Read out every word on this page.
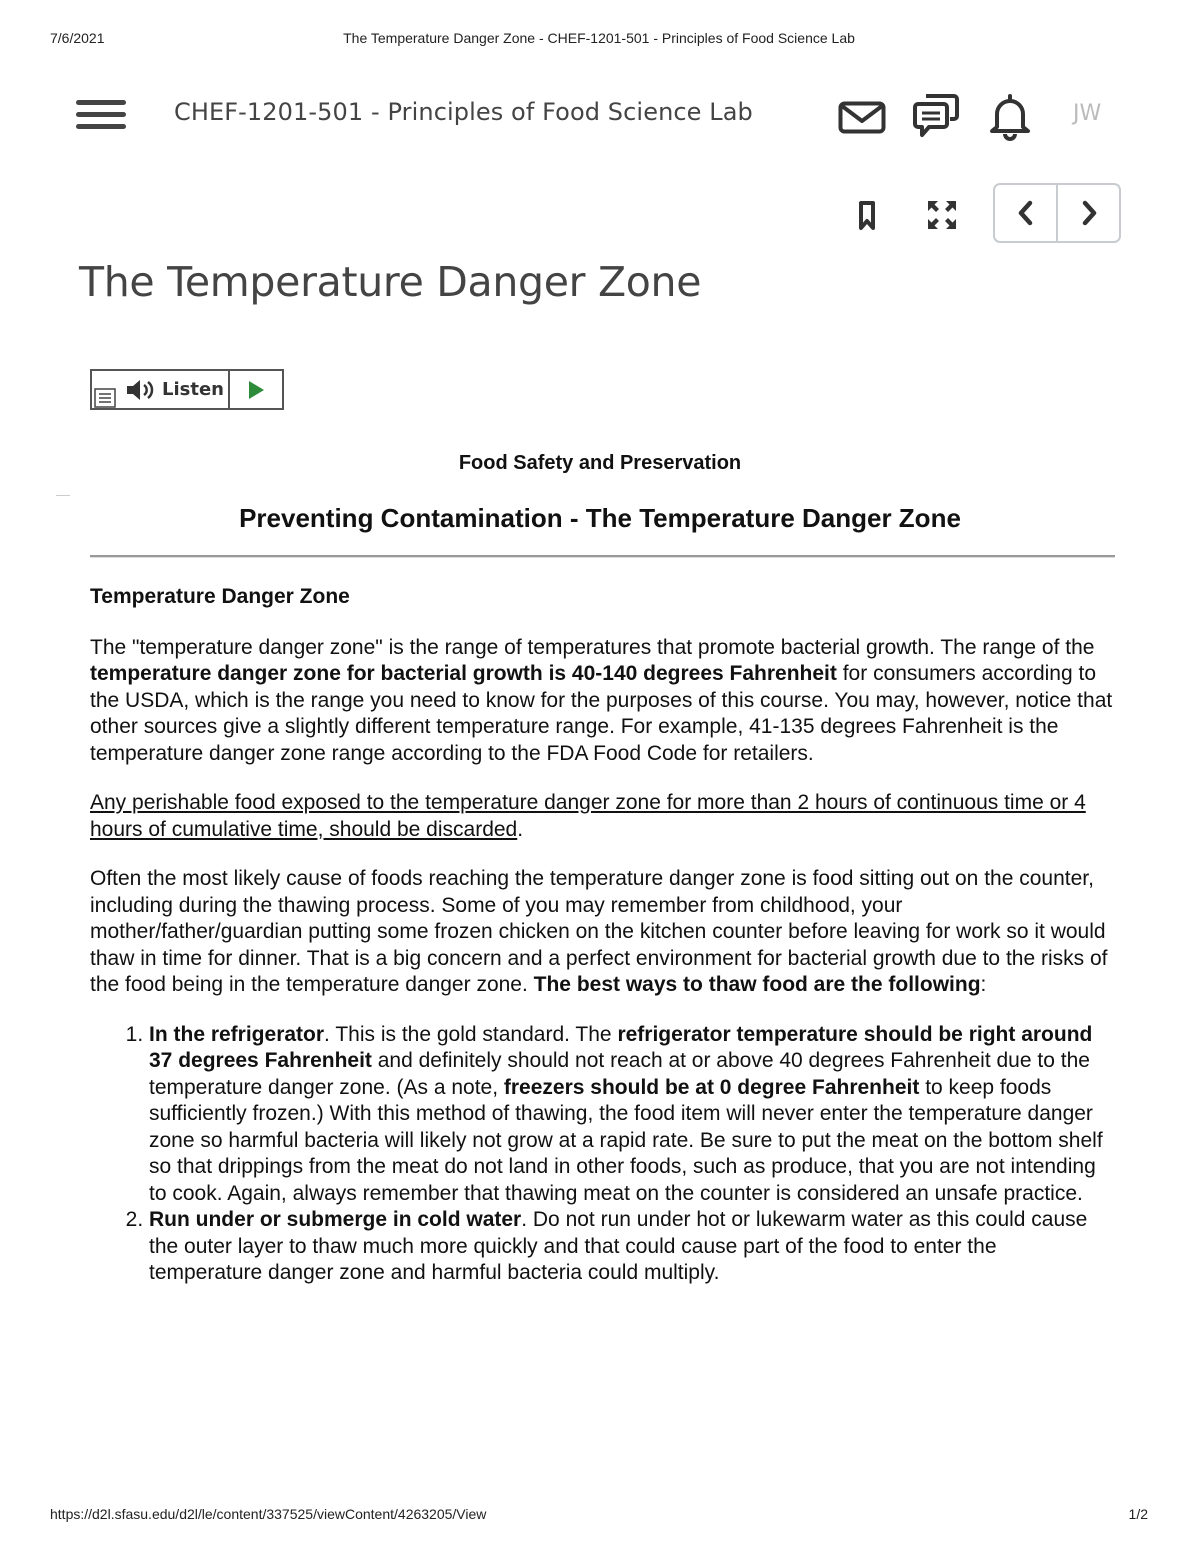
7/6/2021	The Temperature Danger Zone - CHEF-1201-501 - Principles of Food Science Lab
CHEF-1201-501 - Principles of Food Science Lab	JW
The Temperature Danger Zone
Listen
Food Safety and Preservation
Preventing Contamination - The Temperature Danger Zone

Temperature Danger Zone

The "temperature danger zone" is the range of temperatures that promote bacterial growth. The range of the temperature danger zone for bacterial growth is 40-140 degrees Fahrenheit for consumers according to the USDA, which is the range you need to know for the purposes of this course. You may, however, notice that other sources give a slightly different temperature range. For example, 41-135 degrees Fahrenheit is the temperature danger zone range according to the FDA Food Code for retailers.

Any perishable food exposed to the temperature danger zone for more than 2 hours of continuous time or 4 hours of cumulative time, should be discarded.

Often the most likely cause of foods reaching the temperature danger zone is food sitting out on the counter, including during the thawing process. Some of you may remember from childhood, your mother/father/guardian putting some frozen chicken on the kitchen counter before leaving for work so it would thaw in time for dinner. That is a big concern and a perfect environment for bacterial growth due to the risks of the food being in the temperature danger zone. The best ways to thaw food are the following:

1. In the refrigerator. This is the gold standard. The refrigerator temperature should be right around 37 degrees Fahrenheit and definitely should not reach at or above 40 degrees Fahrenheit due to the temperature danger zone. (As a note, freezers should be at 0 degree Fahrenheit to keep foods sufficiently frozen.) With this method of thawing, the food item will never enter the temperature danger zone so harmful bacteria will likely not grow at a rapid rate. Be sure to put the meat on the bottom shelf so that drippings from the meat do not land in other foods, such as produce, that you are not intending to cook. Again, always remember that thawing meat on the counter is considered an unsafe practice.
2. Run under or submerge in cold water. Do not run under hot or lukewarm water as this could cause the outer layer to thaw much more quickly and that could cause part of the food to enter the temperature danger zone and harmful bacteria could multiply.
https://d2l.sfasu.edu/d2l/le/content/337525/viewContent/4263205/View	1/2
